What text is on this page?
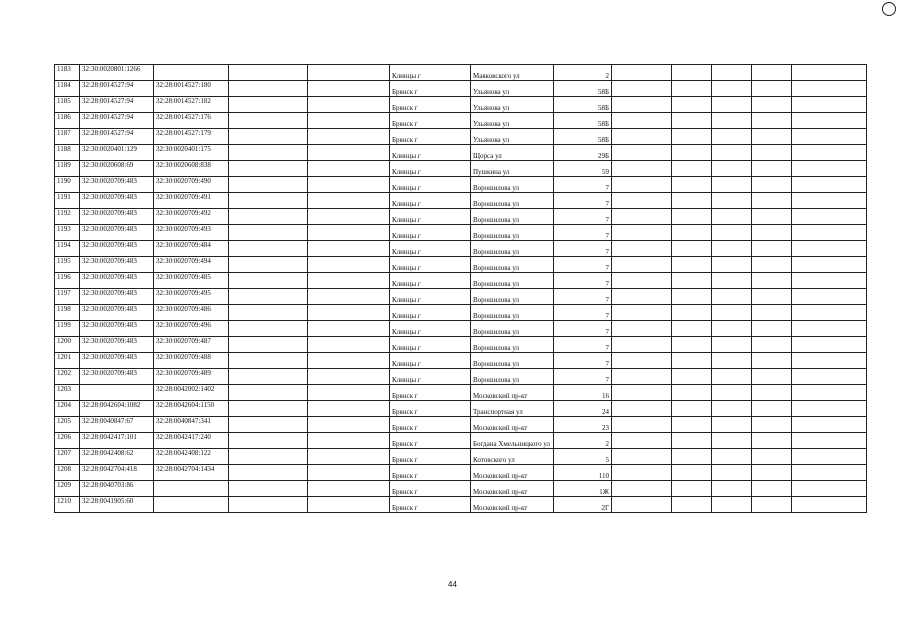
1183	32:30:0020801:1266				Клинцы г	Маяковского ул	2					
1184	32:28:0014527:94	32:28:0014527:180			Брянск г	Ульянова ул	58Б					
1185	32:28:0014527:94	32:28:0014527:182			Брянск г	Ульянова ул	58Б					
1186	32:28:0014527:94	32:28:0014527:176			Брянск г	Ульянова ул	58Б					
1187	32:28:0014527:94	32:28:0014527:179			Брянск г	Ульянова ул	58Б					
1188	32:30:0020401:129	32:30:0020401:175			Клинцы г	Щорса ул	29Б					
1189	32:30:0020608:69	32:30:0020608:838			Клинцы г	Пушкина ул	59					
1190	32:30:0020709:483	32:30:0020709:490			Клинцы г	Ворошилова ул	7					
1191	32:30:0020709:483	32:30:0020709:491			Клинцы г	Ворошилова ул	7					
1192	32:30:0020709:483	32:30:0020709:492			Клинцы г	Ворошилова ул	7					
1193	32:30:0020709:483	32:30:0020709:493			Клинцы г	Ворошилова ул	7					
1194	32:30:0020709:483	32:30:0020709:484			Клинцы г	Ворошилова ул	7					
1195	32:30:0020709:483	32:30:0020709:494			Клинцы г	Ворошилова ул	7					
1196	32:30:0020709:483	32:30:0020709:485			Клинцы г	Ворошилова ул	7					
1197	32:30:0020709:483	32:30:0020709:495			Клинцы г	Ворошилова ул	7					
1198	32:30:0020709:483	32:30:0020709:486			Клинцы г	Ворошилова ул	7					
1199	32:30:0020709:483	32:30:0020709:496			Клинцы г	Ворошилова ул	7					
1200	32:30:0020709:483	32:30:0020709:487			Клинцы г	Ворошилова ул	7					
1201	32:30:0020709:483	32:30:0020709:488			Клинцы г	Ворошилова ул	7					
1202	32:30:0020709:483	32:30:0020709:489			Клинцы г	Ворошилова ул	7					
1203		32:28:0042002:1402			Брянск г	Московский пр-кт	16					
1204	32:28:0042604:1082	32:28:0042604:1150			Брянск г	Транспортная ул	24					
1205	32:28:0040847:67	32:28:0040847:341			Брянск г	Московский пр-кт	23					
1206	32:28:0042417:101	32:28:0042417:240			Брянск г	Богдана Хмельницкого ул	2					
1207	32:28:0042408:62	32:28:0042408:122			Брянск г	Котовского ул	5					
1208	32:28:0042704:418	32:28:0042704:1434			Брянск г	Московский пр-кт	110					
1209	32:28:0040703:86				Брянск г	Московский пр-кт	1Ж					
1210	32:28:0041905:60				Брянск г	Московский пр-кт	2Г					
44
